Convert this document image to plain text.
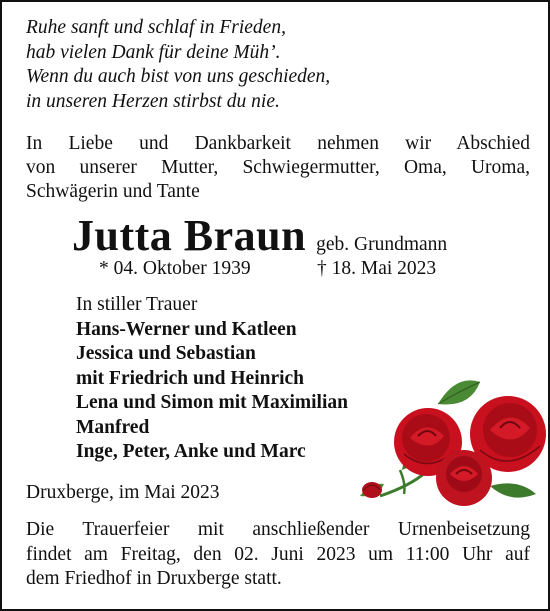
Ruhe sanft und schlaf in Frieden,
hab vielen Dank für deine Müh’.
Wenn du auch bist von uns geschieden,
in unseren Herzen stirbst du nie.
In Liebe und Dankbarkeit nehmen wir Abschied
von unserer Mutter, Schwiegermutter, Oma, Uroma,
Schwägerin und Tante
Jutta Braun geb. Grundmann
* 04. Oktober 1939	† 18. Mai 2023
In stiller Trauer
Hans-Werner und Katleen
Jessica und Sebastian
mit Friedrich und Heinrich
Lena und Simon mit Maximilian
Manfred
Inge, Peter, Anke und Marc
Druxberge, im Mai 2023
Die Trauerfeier mit anschließender Urnenbeisetzung
findet am Freitag, den 02. Juni 2023 um 11:00 Uhr auf
dem Friedhof in Druxberge statt.
